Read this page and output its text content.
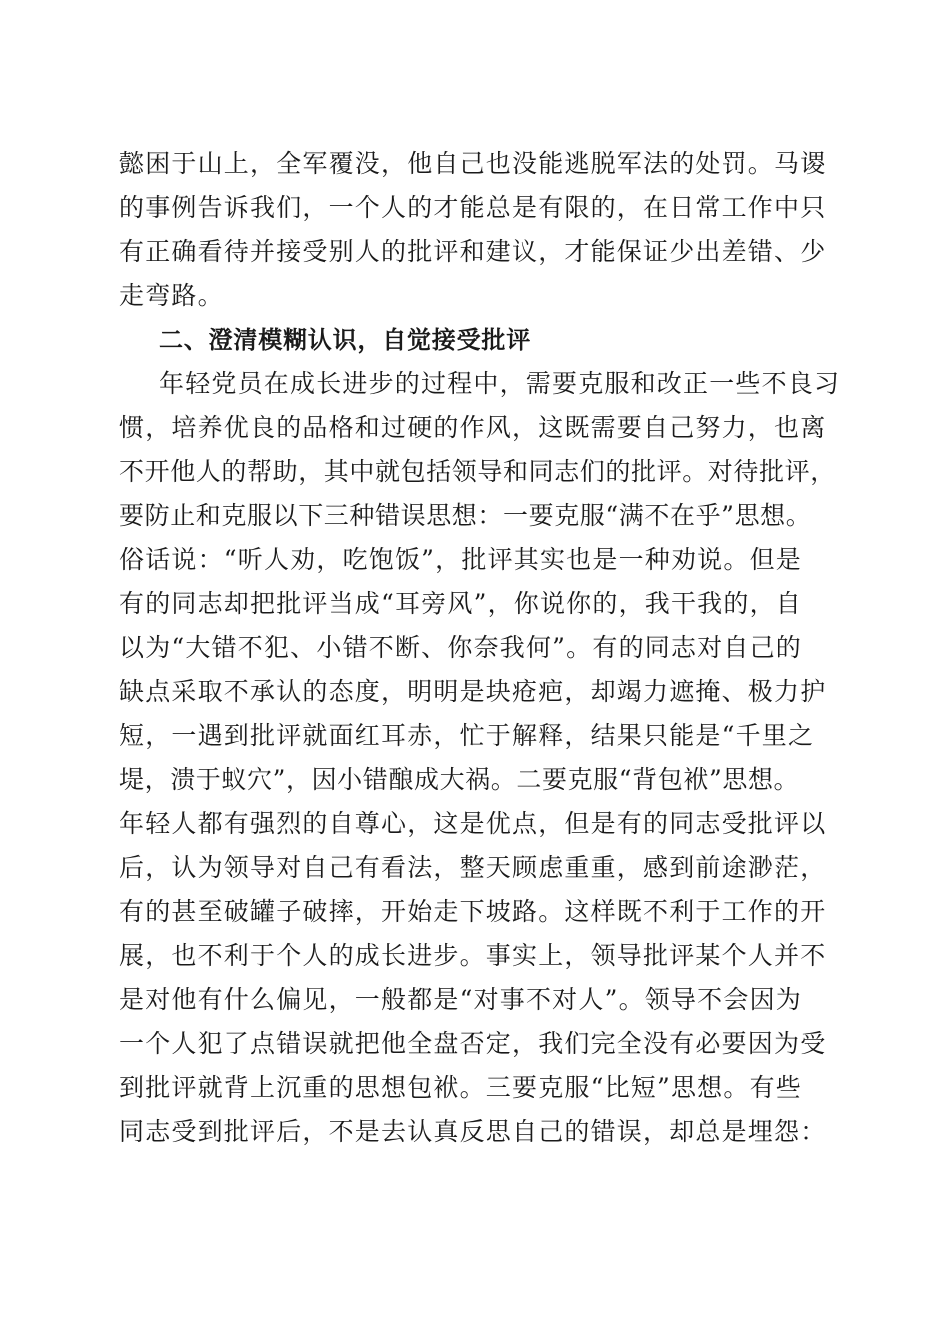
懿困于山上，全军覆没，他自己也没能逃脱军法的处罚。马谡
的事例告诉我们，一个人的才能总是有限的，在日常工作中只
有正确看待并接受别人的批评和建议，才能保证少出差错、少
走弯路。
二、澄清模糊认识，自觉接受批评
年轻党员在成长进步的过程中，需要克服和改正一些不良习
惯，培养优良的品格和过硬的作风，这既需要自己努力，也离
不开他人的帮助，其中就包括领导和同志们的批评。对待批评，
要防止和克服以下三种错误思想：一要克服“满不在乎”思想。
俗话说：“听人劝，吃饱饭”，批评其实也是一种劝说。但是
有的同志却把批评当成“耳旁风”，你说你的，我干我的，自
以为“大错不犯、小错不断、你奈我何”。有的同志对自己的
缺点采取不承认的态度，明明是块疮疤，却竭力遮掩、极力护
短，一遇到批评就面红耳赤，忙于解释，结果只能是“千里之
堤，溃于蚁穴”，因小错酿成大祸。二要克服“背包袱”思想。
年轻人都有强烈的自尊心，这是优点，但是有的同志受批评以
后，认为领导对自己有看法，整天顾虑重重，感到前途渺茫，
有的甚至破罐子破摔，开始走下坡路。这样既不利于工作的开
展，也不利于个人的成长进步。事实上，领导批评某个人并不
是对他有什么偏见，一般都是“对事不对人”。领导不会因为
一个人犯了点错误就把他全盘否定，我们完全没有必要因为受
到批评就背上沉重的思想包袱。三要克服“比短”思想。有些
同志受到批评后，不是去认真反思自己的错误，却总是埋怨：
